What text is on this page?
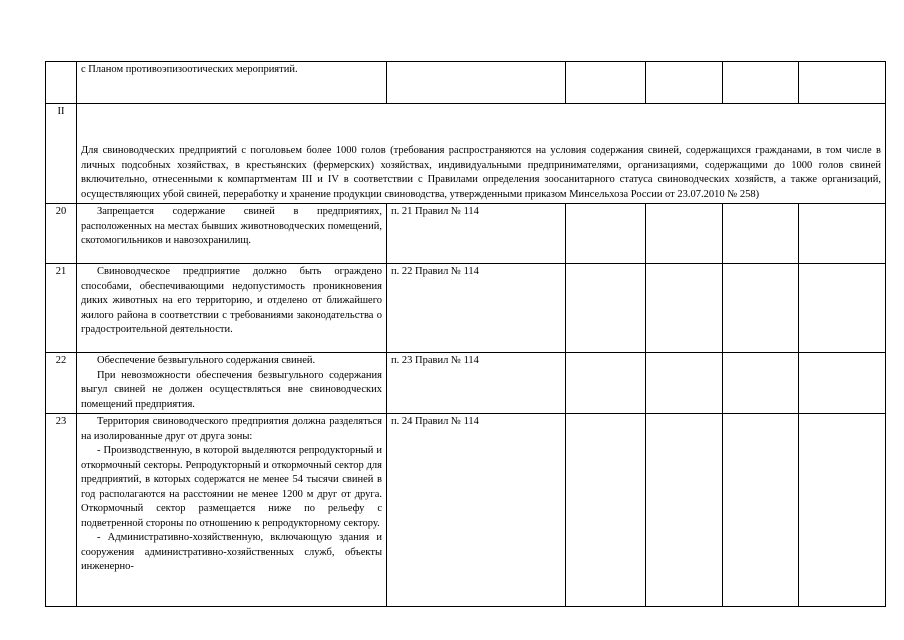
	с Планом противоэпизоотических мероприятий.					

II	Для свиноводческих предприятий с поголовьем более 1000 голов (требования распространяются на условия содержания свиней, содержащихся гражданами, в том числе в личных подсобных хозяйствах, в крестьянских (фермерских) хозяйствах, индивидуальными предпринимателями, организациями, содержащими до 1000 голов свиней включительно, отнесенными к компартментам III и IV в соответствии с Правилами определения зоосанитарного статуса свиноводческих хозяйств, а также организаций, осуществляющих убой свиней, переработку и хранение продукции свиноводства, утвержденными приказом Минсельхоза России от 23.07.2010 № 258)					
20	Запрещается содержание свиней в предприятиях, расположенных на местах бывших животноводческих помещений, скотомогильников и навозохранилищ.	п. 21 Правил № 114				
21	Свиноводческое предприятие должно быть ограждено способами, обеспечивающими недопустимость проникновения диких животных на его территорию, и отделено от ближайшего жилого района в соответствии с требованиями законодательства о градостроительной деятельности.	п. 22 Правил № 114				
22	Обеспечение безвыгульного содержания свиней.

При невозможности обеспечения безвыгульного содержания выгул свиней не должен осуществляться вне свиноводческих помещений предприятия.	п. 23 Правил № 114				
23	Территория свиноводческого предприятия должна разделяться на изолированные друг от друга зоны:

- Производственную, в которой выделяются репродукторный и откормочный секторы. Репродукторный и откормочный сектор для предприятий, в которых содержатся не менее 54 тысячи свиней в год располагаются на расстоянии не менее 1200 м друг от друга. Откормочный сектор размещается ниже по рельефу с подветренной стороны по отношению к репродукторному сектору.

- Административно-хозяйственную, включающую здания и сооружения административно-хозяйственных служб, объекты инженерно-	п. 24 Правил № 114				
